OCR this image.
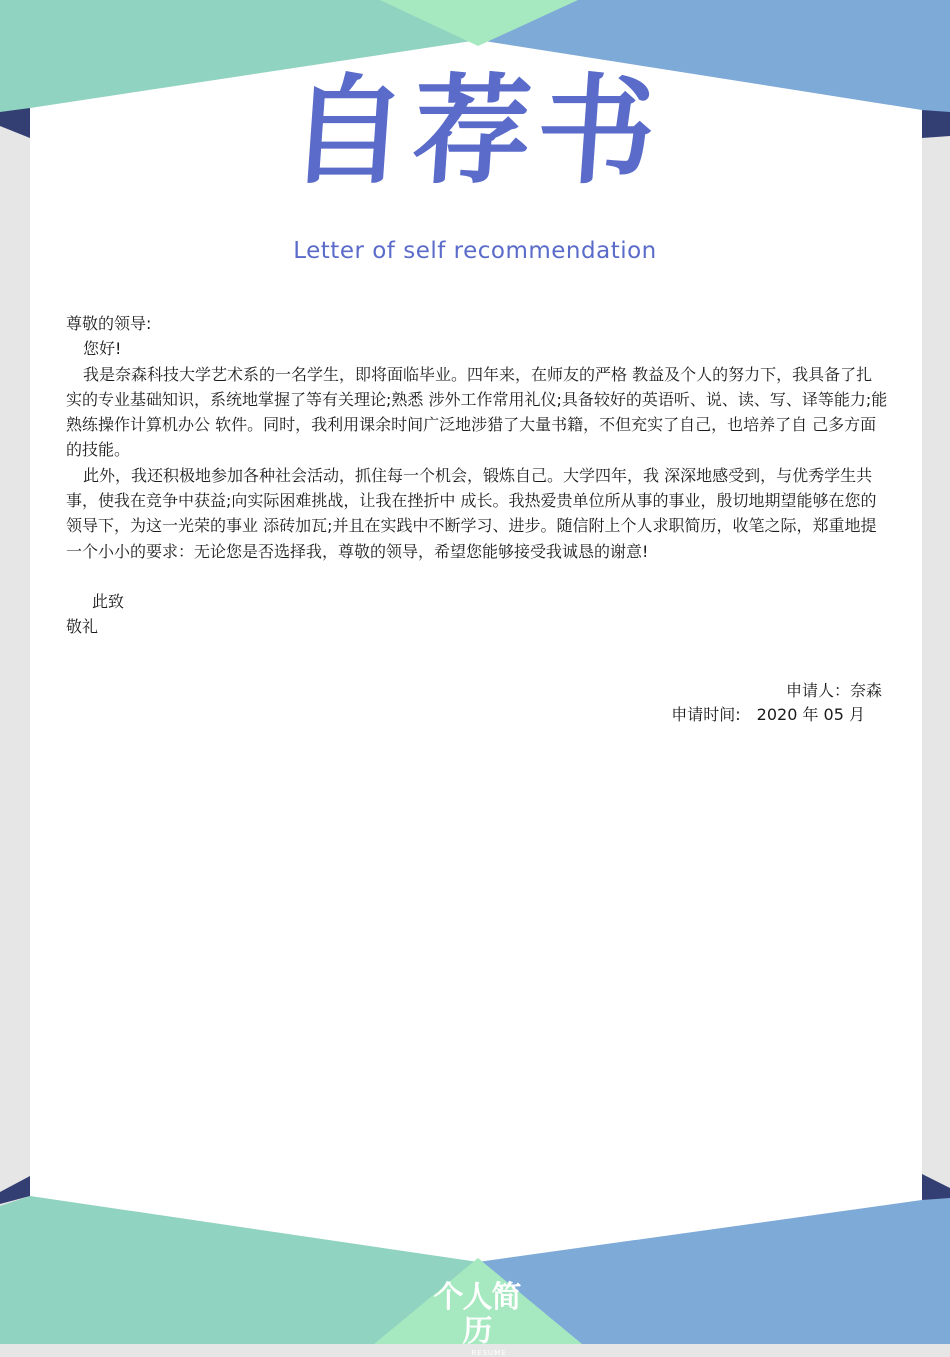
自荐书
Letter of self recommendation

尊敬的领导:

您好!

我是奈森科技大学艺术系的一名学生，即将面临毕业。四年来，在师友的严格 教益及个人的努力下，我具备了扎实的专业基础知识，系统地掌握了等有关理论;熟悉 涉外工作常用礼仪;具备较好的英语听、说、读、写、译等能力;能熟练操作计算机办公 软件。同时，我利用课余时间广泛地涉猎了大量书籍，不但充实了自己，也培养了自 己多方面的技能。

此外，我还积极地参加各种社会活动，抓住每一个机会，锻炼自己。大学四年，我 深深地感受到，与优秀学生共事，使我在竞争中获益;向实际困难挑战，让我在挫折中 成长。我热爱贵单位所从事的事业，殷切地期望能够在您的领导下，为这一光荣的事业 添砖加瓦;并且在实践中不断学习、进步。随信附上个人求职简历，收笔之际，郑重地提 一个小小的要求：无论您是否选择我，尊敬的领导，希望您能够接受我诚恳的谢意!

此致

敬礼

申请人：奈森
申请时间:　2020 年 05 月
个人简历
RESUME
